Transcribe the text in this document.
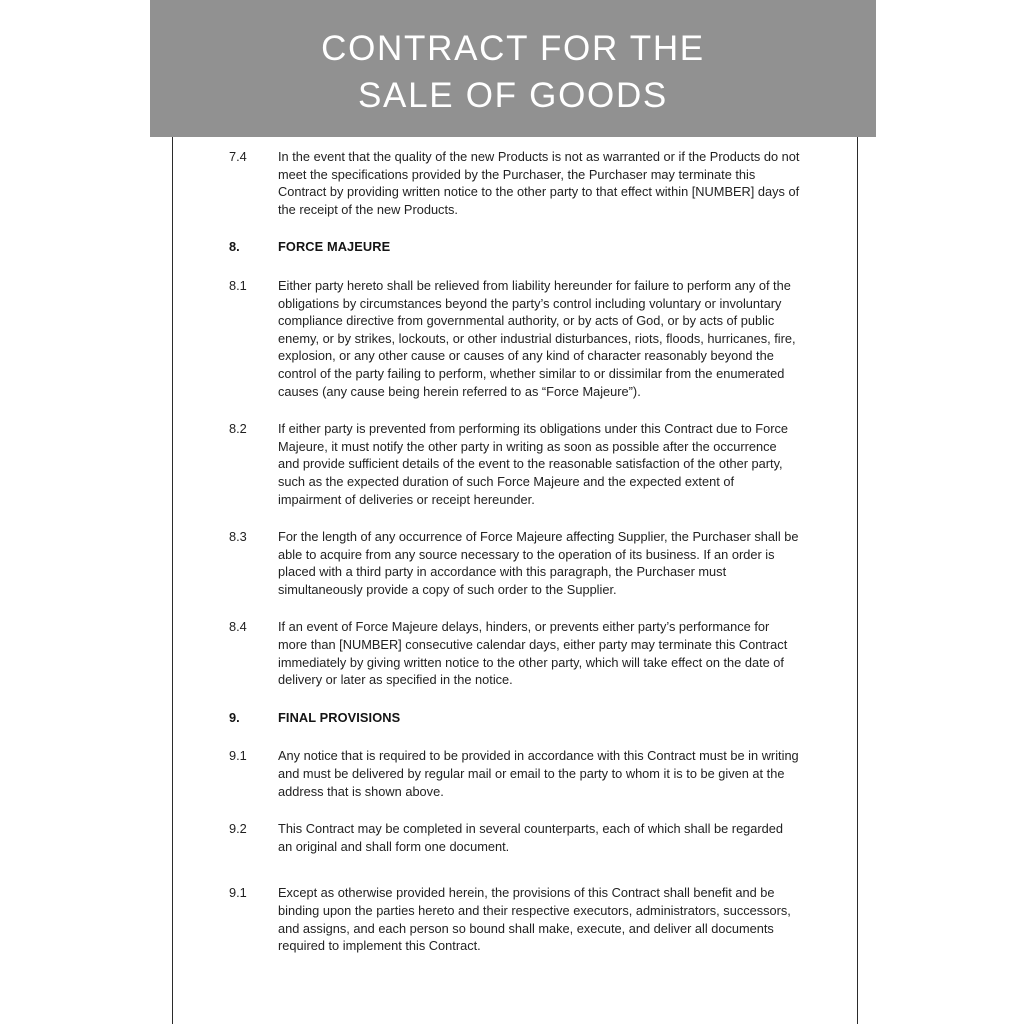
7.4	In the event that the quality of the new Products is not as warranted or if the Products do not meet the specifications provided by the Purchaser, the Purchaser may terminate this Contract by providing written notice to the other party to that effect within [NUMBER] days of the receipt of the new Products.
8.	FORCE MAJEURE
8.1	Either party hereto shall be relieved from liability hereunder for failure to perform any of the obligations by circumstances beyond the party’s control including voluntary or involuntary compliance directive from governmental authority, or by acts of God, or by acts of public enemy, or by strikes, lockouts, or other industrial disturbances, riots, floods, hurricanes, fire, explosion, or any other cause or causes of any kind of character reasonably beyond the control of the party failing to perform, whether similar to or dissimilar from the enumerated causes (any cause being herein referred to as “Force Majeure”).
8.2	If either party is prevented from performing its obligations under this Contract due to Force Majeure, it must notify the other party in writing as soon as possible after the occurrence and provide sufficient details of the event to the reasonable satisfaction of the other party, such as the expected duration of such Force Majeure and the expected extent of impairment of deliveries or receipt hereunder.
8.3	For the length of any occurrence of Force Majeure affecting Supplier, the Purchaser shall be able to acquire from any source necessary to the operation of its business. If an order is placed with a third party in accordance with this paragraph, the Purchaser must simultaneously provide a copy of such order to the Supplier.
8.4	If an event of Force Majeure delays, hinders, or prevents either party’s performance for more than [NUMBER] consecutive calendar days, either party may terminate this Contract immediately by giving written notice to the other party, which will take effect on the date of delivery or later as specified in the notice.
9.	FINAL PROVISIONS
9.1	Any notice that is required to be provided in accordance with this Contract must be in writing and must be delivered by regular mail or email to the party to whom it is to be given at the address that is shown above.
9.2	This Contract may be completed in several counterparts, each of which shall be regarded an original and shall form one document.
9.1	Except as otherwise provided herein, the provisions of this Contract shall benefit and be binding upon the parties hereto and their respective executors, administrators, successors, and assigns, and each person so bound shall make, execute, and deliver all documents required to implement this Contract.
CONTRACT FOR THE
SALE OF GOODS
